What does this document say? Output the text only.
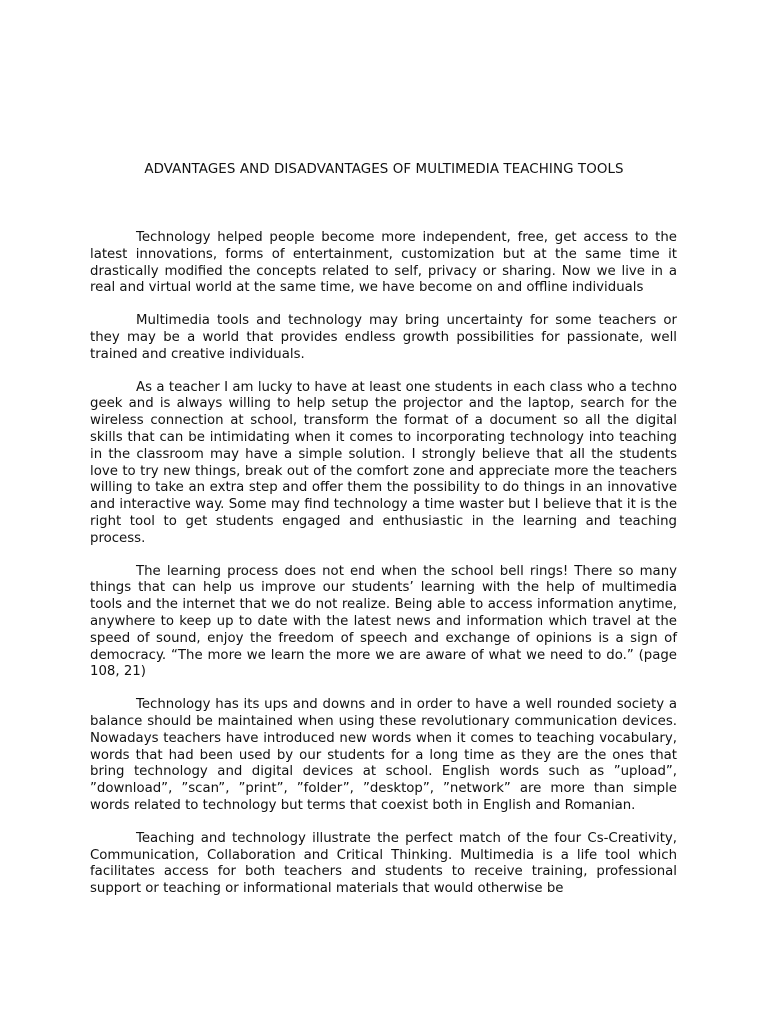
ADVANTAGES AND DISADVANTAGES OF MULTIMEDIA TEACHING TOOLS

Technology helped people become more independent, free, get access to the latest innovations, forms of entertainment, customization but at the same time it drastically modified the concepts related to self, privacy or sharing. Now we live in a real and virtual world at the same time, we have become on and offline individuals

Multimedia tools and technology may bring uncertainty for some teachers or they may be a world that provides endless growth possibilities for passionate, well trained and creative individuals.

As a teacher I am lucky to have at least one students in each class who a techno geek and is always willing to help setup the projector and the laptop, search for the wireless connection at school, transform the format of a document so all the digital skills that can be intimidating when it comes to incorporating technology into teaching in the classroom may have a simple solution. I strongly believe that all the students love to try new things, break out of the comfort zone and appreciate more the teachers willing to take an extra step and offer them the possibility to do things in an innovative and interactive way. Some may find technology a time waster but I believe that it is the right tool to get students engaged and enthusiastic in the learning and teaching process.

The learning process does not end when the school bell rings! There so many things that can help us improve our students’ learning with the help of multimedia tools and the internet that we do not realize. Being able to access information anytime, anywhere to keep up to date with the latest news and information which travel at the speed of sound, enjoy the freedom of speech and exchange of opinions is a sign of democracy. “The more we learn the more we are aware of what we need to do.” (page 108, 21)

Technology has its ups and downs and in order to have a well rounded society a balance should be maintained when using these revolutionary communication devices. Nowadays teachers have introduced new words when it comes to teaching vocabulary, words that had been used by our students for a long time as they are the ones that bring technology and digital devices at school. English words such as ”upload”, ”download”, ”scan”, ”print”, ”folder”, ”desktop”, ”network” are more than simple words related to technology but terms that coexist both in English and Romanian.

Teaching and technology illustrate the perfect match of the four Cs-Creativity, Communication, Collaboration and Critical Thinking. Multimedia is a life tool which facilitates access for both teachers and students to receive training, professional support or teaching or informational materials that would otherwise be
